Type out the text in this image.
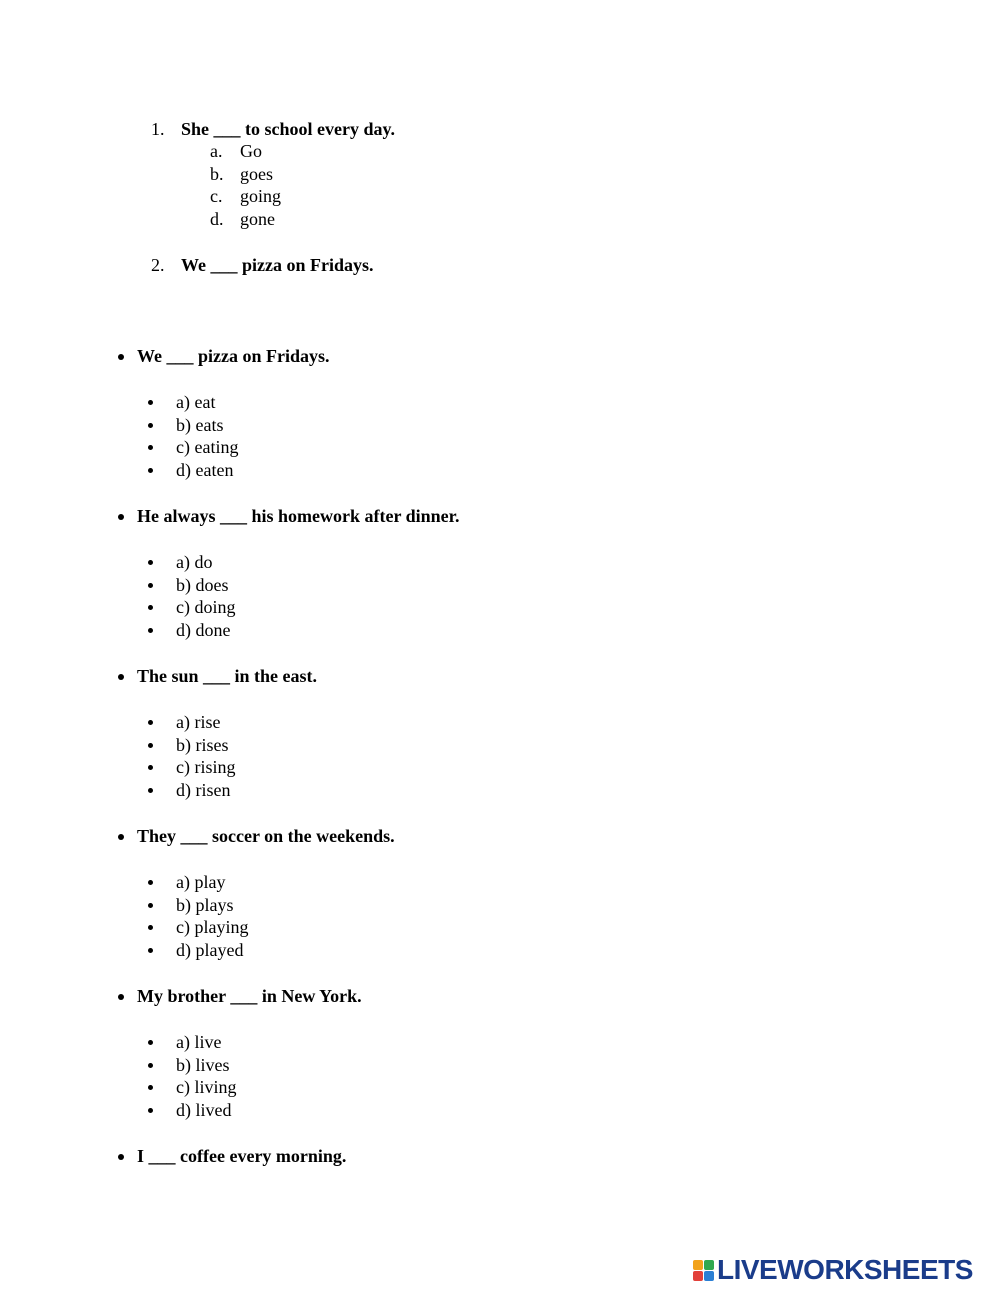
1. She ___ to school every day.
a. Go
b. goes
c. going
d. gone
2. We ___ pizza on Fridays.
We ___ pizza on Fridays.
a) eat
b) eats
c) eating
d) eaten
He always ___ his homework after dinner.
a) do
b) does
c) doing
d) done
The sun ___ in the east.
a) rise
b) rises
c) rising
d) risen
They ___ soccer on the weekends.
a) play
b) plays
c) playing
d) played
My brother ___ in New York.
a) live
b) lives
c) living
d) lived
I ___ coffee every morning.
LIVEWORKSHEETS
